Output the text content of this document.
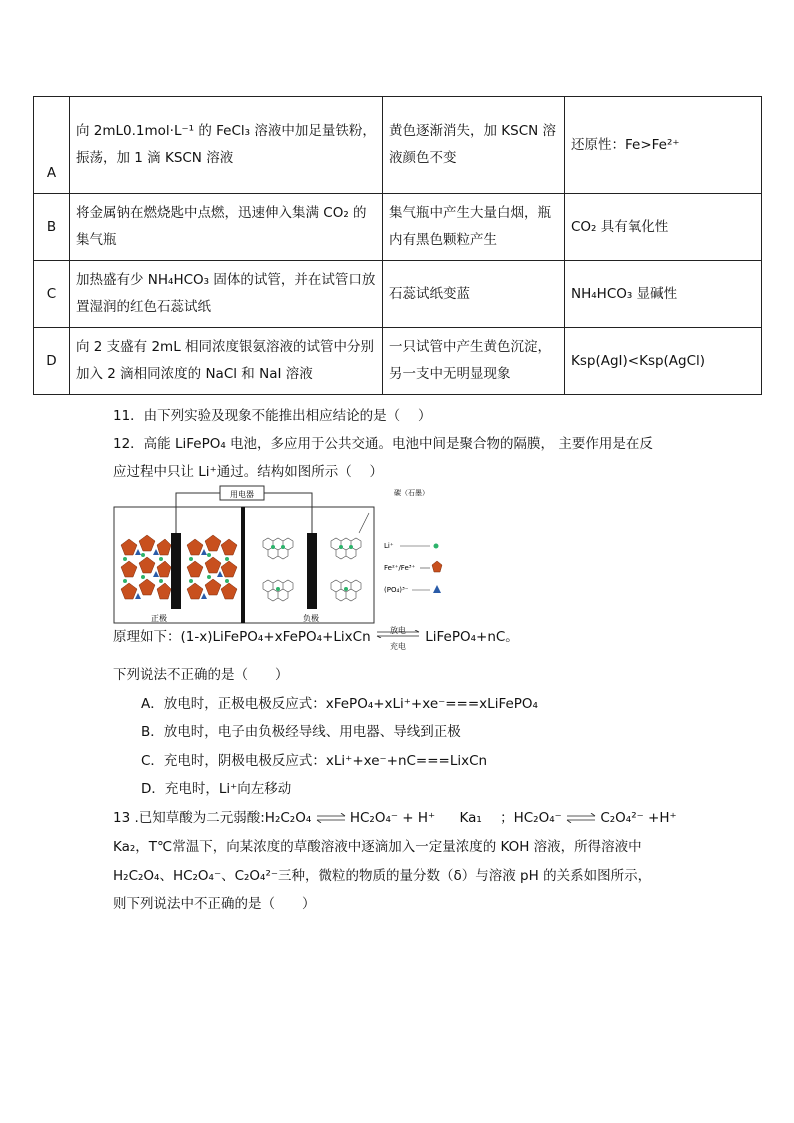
A	向 2mL0.1mol·L⁻¹ 的 FeCl₃ 溶液中加足量铁粉，振荡，加 1 滴 KSCN 溶液	黄色逐渐消失，加 KSCN 溶液颜色不变	还原性：Fe>Fe²⁺
B	将金属钠在燃烧匙中点燃，迅速伸入集满 CO₂ 的集气瓶	集气瓶中产生大量白烟，瓶内有黑色颗粒产生	CO₂ 具有氧化性
C	加热盛有少 NH₄HCO₃ 固体的试管，并在试管口放置湿润的红色石蕊试纸	石蕊试纸变蓝	NH₄HCO₃ 显碱性
D	向 2 支盛有 2mL 相同浓度银氨溶液的试管中分别加入 2 滴相同浓度的 NaCl 和 NaI 溶液	一只试管中产生黄色沉淀，另一支中无明显现象	Ksp(AgI)<Ksp(AgCl)
11．由下列实验及现象不能推出相应结论的是（　 ）
12．高能 LiFePO₄ 电池，多应用于公共交通。电池中间是聚合物的隔膜， 主要作用是在反
应过程中只让 Li⁺通过。结构如图所示（　 ）
用电器
正极	负极
碳（石墨）
Li⁺
Fe²⁺/Fe³⁺
(PO₄)³⁻
原理如下：(1-x)LiFePO₄+xFePO₄+LixCn	放电
充电
LiFePO₄+nC。
下列说法不正确的是（　　）
A．放电时，正极电极反应式：xFePO₄+xLi⁺+xe⁻===xLiFePO₄
B．放电时，电子由负极经导线、用电器、导线到正极
C．充电时，阴极电极反应式：xLi⁺+xe⁻+nC===LixCn
D．充电时，Li⁺向左移动
13 .已知草酸为二元弱酸:H₂C₂O₄ ⇌ HC₂O₄⁻ + H⁺ Ka₁ ；HC₂O₄⁻ ⇌ C₂O₄²⁻ +H⁺
Ka₂，T℃常温下，向某浓度的草酸溶液中逐滴加入一定量浓度的 KOH 溶液，所得溶液中
H₂C₂O₄、HC₂O₄⁻、C₂O₄²⁻三种，微粒的物质的量分数（δ）与溶液 pH 的关系如图所示，
则下列说法中不正确的是（　　）
